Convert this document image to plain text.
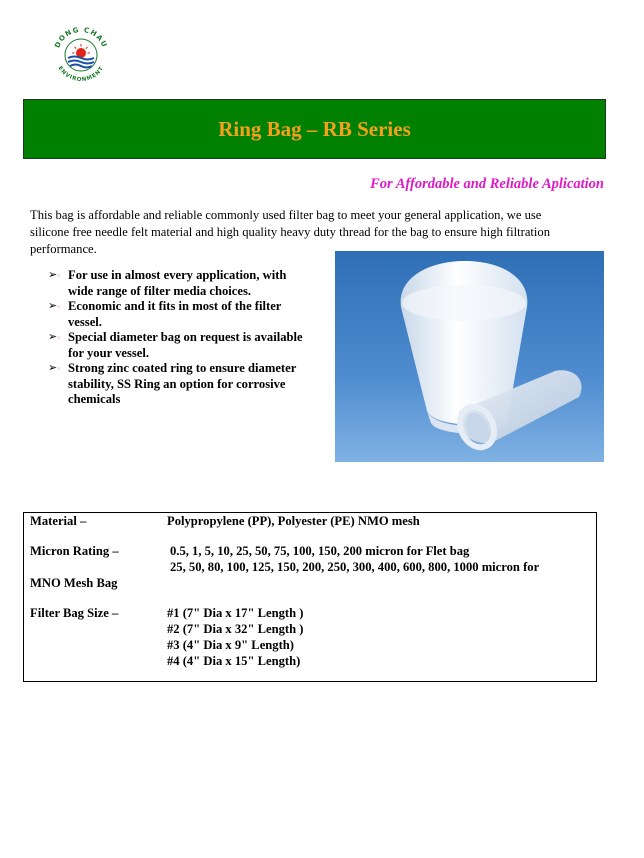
DONG CHAU
ENVIRONMENT
Ring Bag – RB Series
For Affordable and Reliable Aplication
This bag is affordable and reliable commonly used filter bag to meet your general application, we use
silicone free needle felt material and high quality heavy duty thread for the bag to ensure high filtration
performance.
➢◦ For use in almost every application, with
wide range of filter media choices.
➢◦ Economic and it fits in most of the filter
vessel.
➢◦ Special diameter bag on request is available
for your vessel.
➢◦ Strong zinc coated ring to ensure diameter
stability, SS Ring an option for corrosive
chemicals
Material –	Polypropylene (PP), Polyester (PE) NMO mesh
Micron Rating –	0.5, 1, 5, 10, 25, 50, 75, 100, 150, 200 micron for Flet bag
25, 50, 80, 100, 125, 150, 200, 250, 300, 400, 600, 800, 1000 micron for
MNO Mesh Bag
Filter Bag Size –	#1 (7" Dia x 17" Length )
#2 (7" Dia x 32" Length )
#3 (4" Dia x 9" Length)
#4 (4" Dia x 15" Length)
